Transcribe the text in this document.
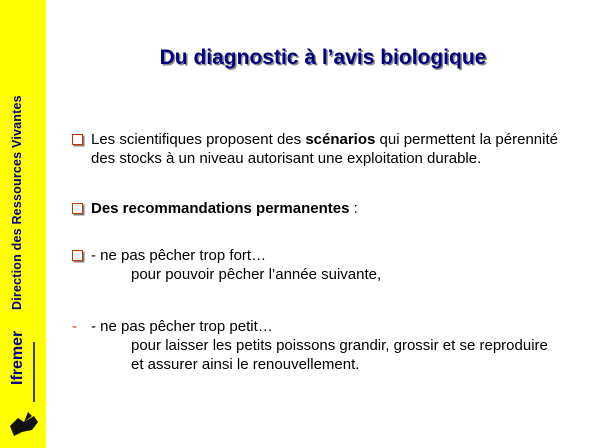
Direction des Ressources Vivantes
Ifremer
Du diagnostic à l’avis biologique
Les scientifiques proposent des scénarios qui permettent la pérennité des stocks à un niveau autorisant une exploitation durable.
Des recommandations permanentes :
- ne pas pêcher trop fort…
pour pouvoir pêcher l’année suivante,
- - ne pas pêcher trop petit…
pour laisser les petits poissons grandir, grossir et se reproduire
et assurer ainsi le renouvellement.
